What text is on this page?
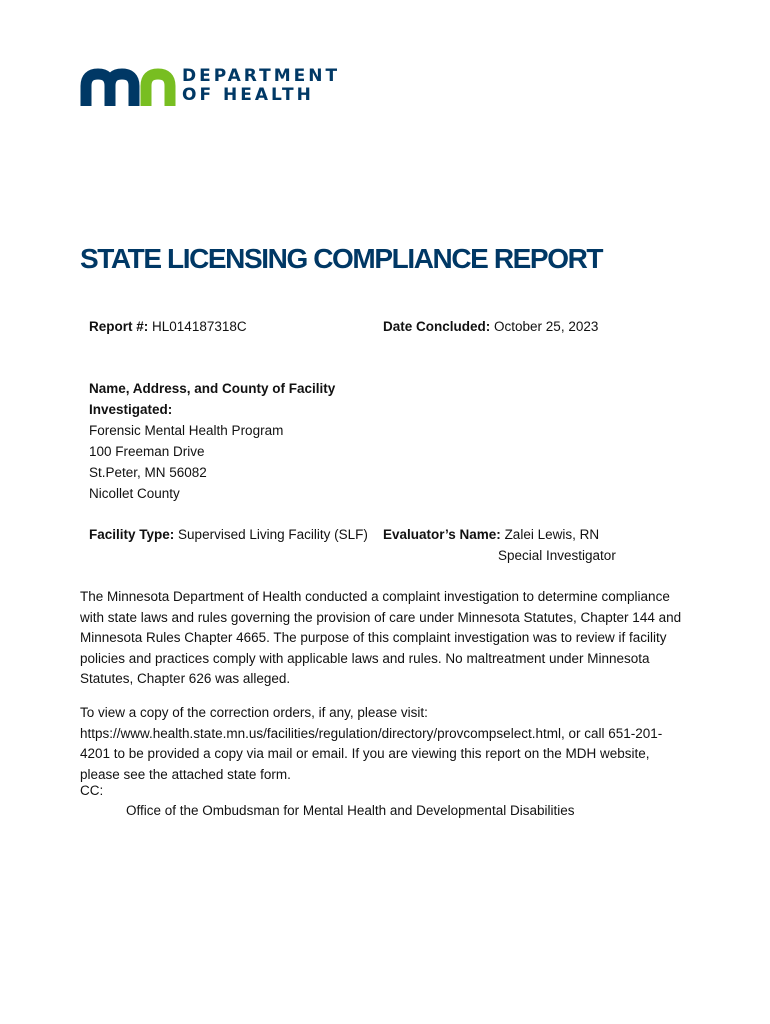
DEPARTMENT
OF HEALTH
STATE LICENSING COMPLIANCE REPORT
Report #: HL014187318C	Date Concluded: October 25, 2023
Name, Address, and County of Facility
Investigated:
Forensic Mental Health Program
100 Freeman Drive
St.Peter, MN 56082
Nicollet County
Facility Type: Supervised Living Facility (SLF) Evaluator’s Name: Zalei Lewis, RN
Special Investigator

The Minnesota Department of Health conducted a complaint investigation to determine compliance with state laws and rules governing the provision of care under Minnesota Statutes, Chapter 144 and Minnesota Rules Chapter 4665. The purpose of this complaint investigation was to review if facility policies and practices comply with applicable laws and rules. No maltreatment under Minnesota Statutes, Chapter 626 was alleged.

To view a copy of the correction orders, if any, please visit: https://www.health.state.mn.us/facilities/regulation/directory/provcompselect.html, or call 651-201-4201 to be provided a copy via mail or email. If you are viewing this report on the MDH website, please see the attached state form.

CC:
Office of the Ombudsman for Mental Health and Developmental Disabilities
